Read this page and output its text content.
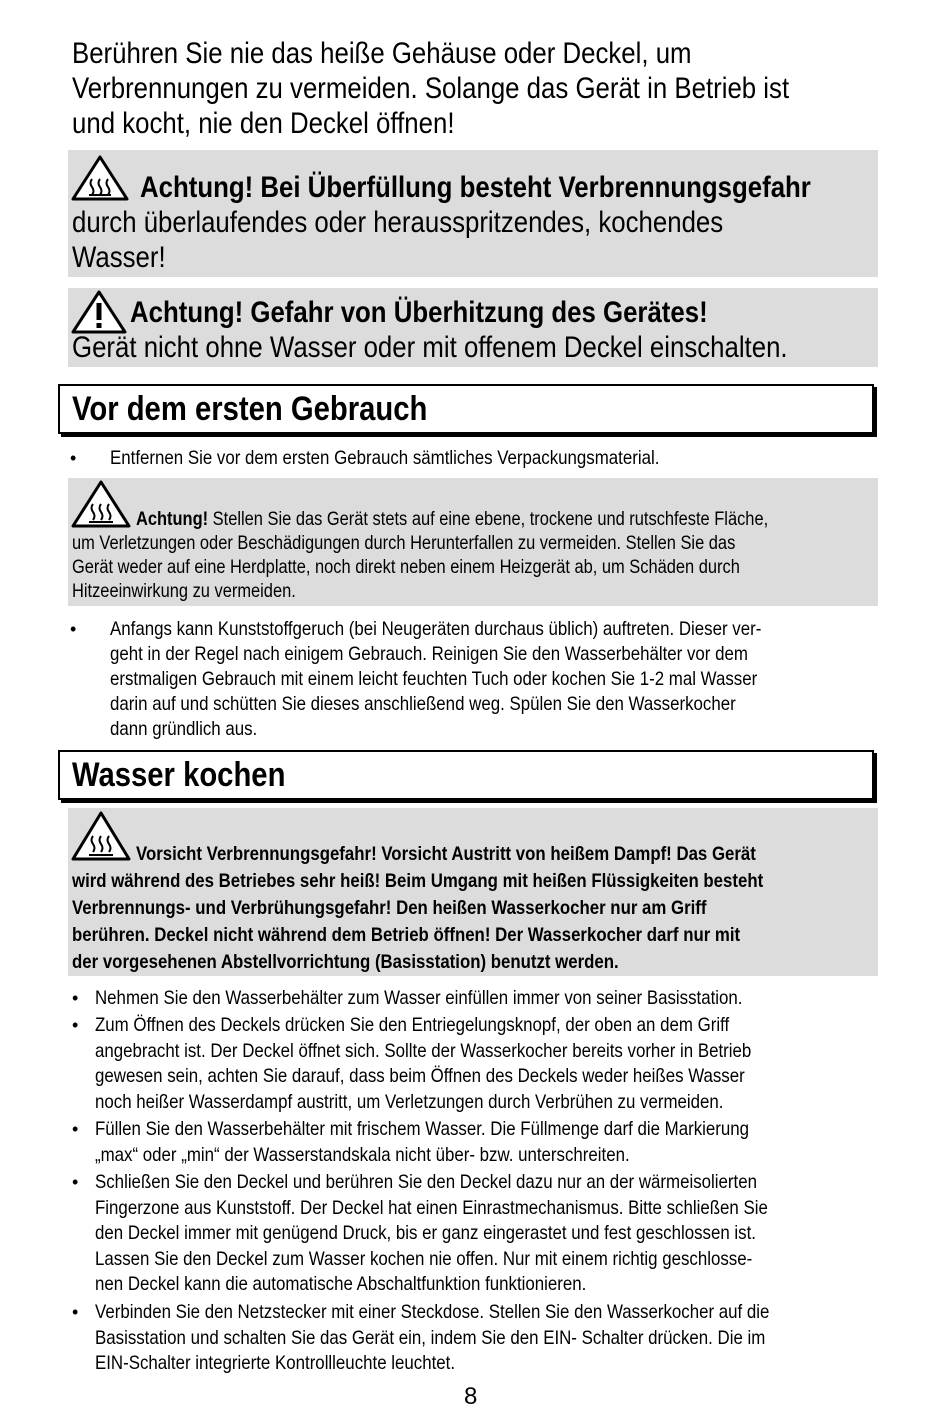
Berühren Sie nie das heiße Gehäuse oder Deckel, um
Verbrennungen zu vermeiden. Solange das Gerät in Betrieb ist
und kocht, nie den Deckel öffnen!
Achtung! Bei Überfüllung besteht Verbrennungsgefahr
durch überlaufendes oder herausspritzendes, kochendes
Wasser!
Achtung! Gefahr von Überhitzung des Gerätes!
Gerät nicht ohne Wasser oder mit offenem Deckel einschalten.
Vor dem ersten Gebrauch
• Entfernen Sie vor dem ersten Gebrauch sämtliches Verpackungsmaterial.
Achtung! Stellen Sie das Gerät stets auf eine ebene, trockene und rutschfeste Fläche,
um Verletzungen oder Beschädigungen durch Herunterfallen zu vermeiden. Stellen Sie das
Gerät weder auf eine Herdplatte, noch direkt neben einem Heizgerät ab, um Schäden durch
Hitzeeinwirkung zu vermeiden.
• Anfangs kann Kunststoffgeruch (bei Neugeräten durchaus üblich) auftreten. Dieser ver-
geht in der Regel nach einigem Gebrauch. Reinigen Sie den Wasserbehälter vor dem
erstmaligen Gebrauch mit einem leicht feuchten Tuch oder kochen Sie 1-2 mal Wasser
darin auf und schütten Sie dieses anschließend weg. Spülen Sie den Wasserkocher
dann gründlich aus.
Wasser kochen
Vorsicht Verbrennungsgefahr! Vorsicht Austritt von heißem Dampf! Das Gerät
wird während des Betriebes sehr heiß! Beim Umgang mit heißen Flüssigkeiten besteht
Verbrennungs- und Verbrühungsgefahr! Den heißen Wasserkocher nur am Griff
berühren. Deckel nicht während dem Betrieb öffnen! Der Wasserkocher darf nur mit
der vorgesehenen Abstellvorrichtung (Basisstation) benutzt werden.
• Nehmen Sie den Wasserbehälter zum Wasser einfüllen immer von seiner Basisstation.
• Zum Öffnen des Deckels drücken Sie den Entriegelungsknopf, der oben an dem Griff
angebracht ist. Der Deckel öffnet sich. Sollte der Wasserkocher bereits vorher in Betrieb
gewesen sein, achten Sie darauf, dass beim Öffnen des Deckels weder heißes Wasser
noch heißer Wasserdampf austritt, um Verletzungen durch Verbrühen zu vermeiden.
• Füllen Sie den Wasserbehälter mit frischem Wasser. Die Füllmenge darf die Markierung
„max“ oder „min“ der Wasserstandskala nicht über- bzw. unterschreiten.
• Schließen Sie den Deckel und berühren Sie den Deckel dazu nur an der wärmeisolierten
Fingerzone aus Kunststoff. Der Deckel hat einen Einrastmechanismus. Bitte schließen Sie
den Deckel immer mit genügend Druck, bis er ganz eingerastet und fest geschlossen ist.
Lassen Sie den Deckel zum Wasser kochen nie offen. Nur mit einem richtig geschlosse-
nen Deckel kann die automatische Abschaltfunktion funktionieren.
• Verbinden Sie den Netzstecker mit einer Steckdose. Stellen Sie den Wasserkocher auf die
Basisstation und schalten Sie das Gerät ein, indem Sie den EIN- Schalter drücken. Die im
EIN-Schalter integrierte Kontrollleuchte leuchtet.
8
